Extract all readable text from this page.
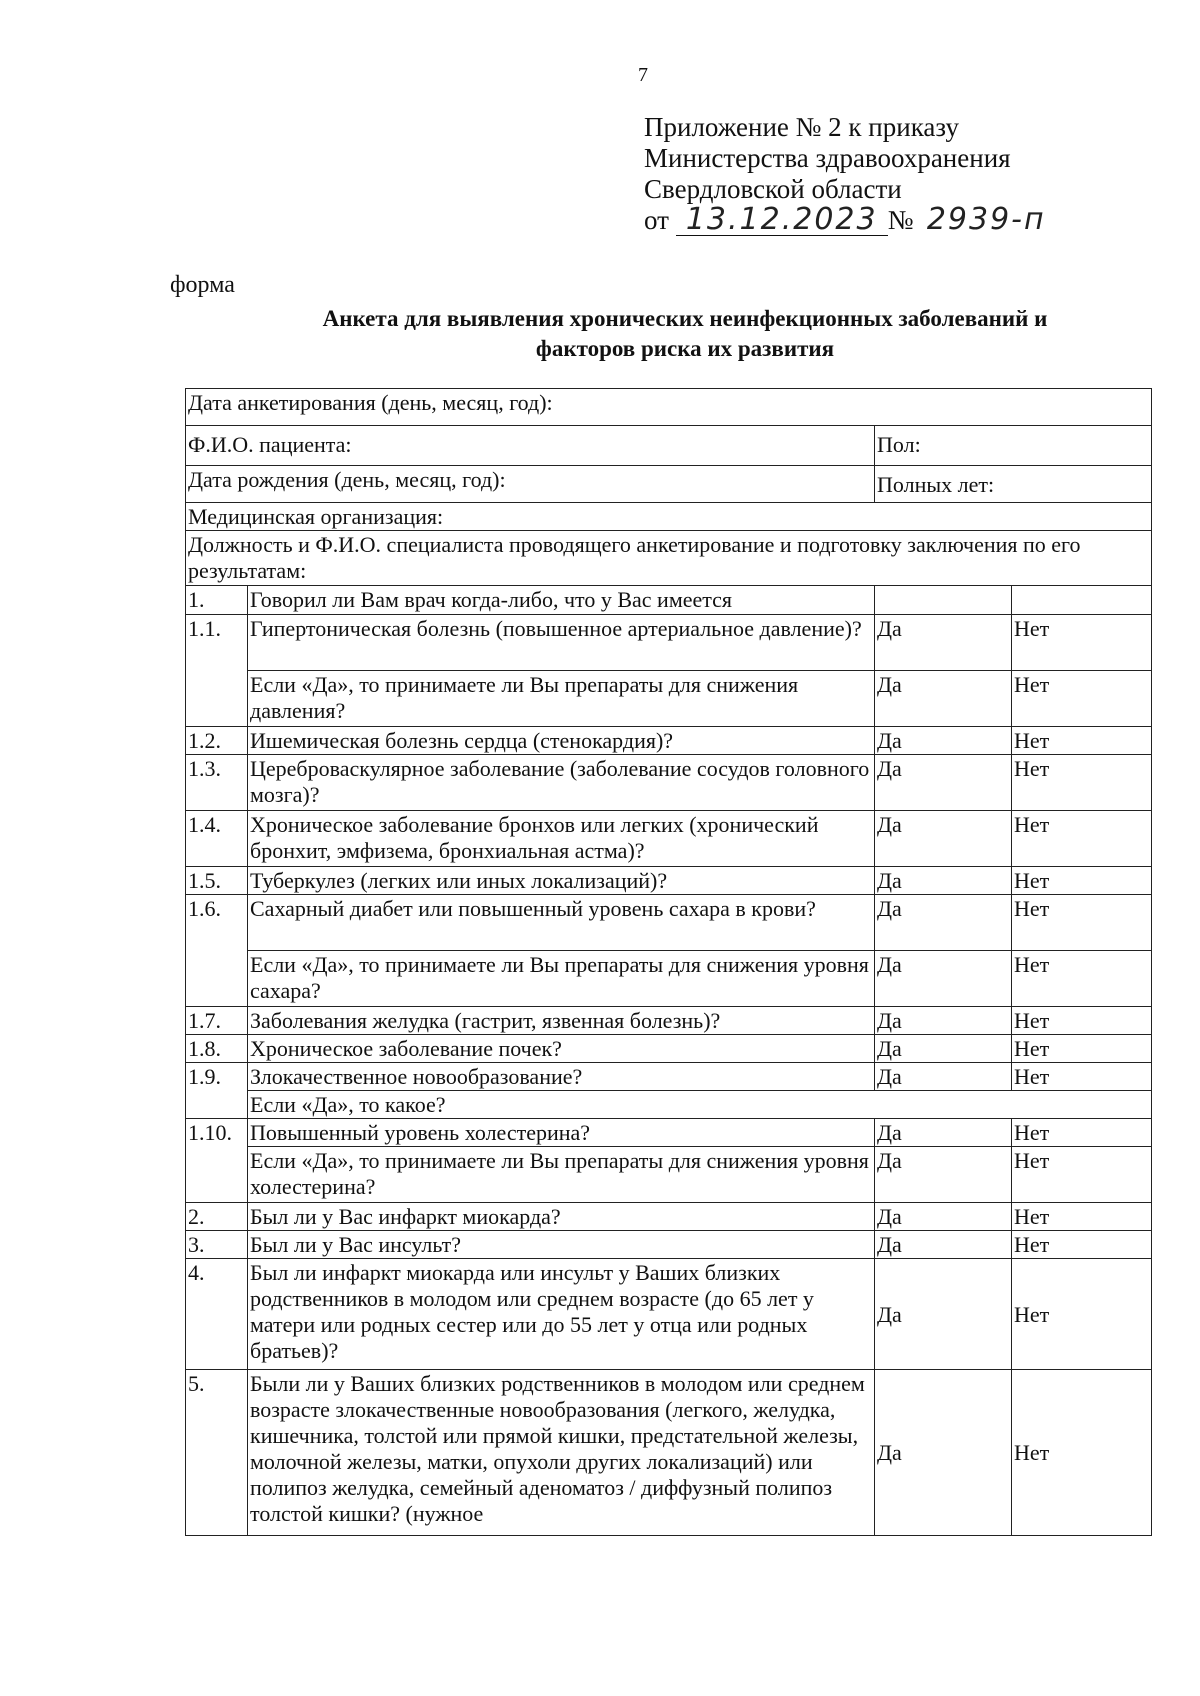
7
Приложение № 2 к приказу
Министерства здравоохранения
Свердловской области
от 13.12.2023 № 2939-п
форма
Анкета для выявления хронических неинфекционных заболеваний и
факторов риска их развития
Дата анкетирования (день, месяц, год):			
Ф.И.О. пациента:		Пол:	
Дата рождения (день, месяц, год):		Полных лет:	
Медицинская организация:			
Должность и Ф.И.О. специалиста проводящего анкетирование и подготовку заключения по его результатам:			
1.	Говорил ли Вам врач когда-либо, что у Вас имеется		
1.1.	Гипертоническая болезнь (повышенное артериальное давление)?	Да	Нет
	Если «Да», то принимаете ли Вы препараты для снижения давления?	Да	Нет
1.2.	Ишемическая болезнь сердца (стенокардия)?	Да	Нет
1.3.	Цереброваскулярное заболевание (заболевание сосудов головного мозга)?	Да	Нет
1.4.	Хроническое заболевание бронхов или легких (хронический бронхит, эмфизема, бронхиальная астма)?	Да	Нет
1.5.	Туберкулез (легких или иных локализаций)?	Да	Нет
1.6.	Сахарный диабет или повышенный уровень сахара в крови?	Да	Нет
	Если «Да», то принимаете ли Вы препараты для снижения уровня сахара?	Да	Нет
1.7.	Заболевания желудка (гастрит, язвенная болезнь)?	Да	Нет
1.8.	Хроническое заболевание почек?	Да	Нет
1.9.	Злокачественное новообразование?	Да	Нет
	Если «Да», то какое?		
1.10.	Повышенный уровень холестерина?	Да	Нет
	Если «Да», то принимаете ли Вы препараты для снижения уровня холестерина?	Да	Нет
2.	Был ли у Вас инфаркт миокарда?	Да	Нет
3.	Был ли у Вас инсульт?	Да	Нет
4.	Был ли инфаркт миокарда или инсульт у Ваших близких родственников в молодом или среднем возрасте (до 65 лет у матери или родных сестер или до 55 лет у отца или родных братьев)?	Да	Нет
5.	Были ли у Ваших близких родственников в молодом или среднем возрасте злокачественные новообразования (легкого, желудка, кишечника, толстой или прямой кишки, предстательной железы, молочной железы, матки, опухоли других локализаций) или полипоз желудка, семейный аденоматоз / диффузный полипоз толстой кишки? (нужное	Да	Нет
